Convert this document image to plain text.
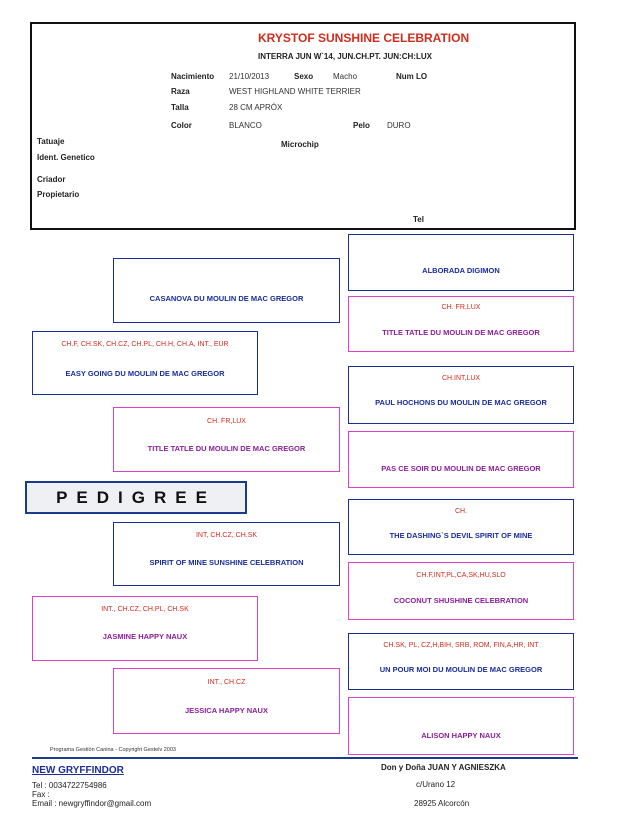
KRYSTOF SUNSHINE CELEBRATION
INTERRA JUN W`14, JUN.CH.PT. JUN:CH:LUX
Nacimiento 21/10/2013	Sexo Macho	Num LO
Raza	WEST HIGHLAND WHITE TERRIER
Talla	28 CM APRÓX
Color	BLANCO	Pelo DURO
Tatuaje	Microchip
Ident. Genetico
Criador
Propietario
Tel
CASANOVA DU MOULIN DE MAC GREGOR
INT, CH.CZ, CH.SK
SPIRIT OF MINE SUNSHINE CELEBRATION
CH.F, CH.SK, CH.CZ, CH.PL, CH.H, CH.A, INT., EUR
EASY GOING DU MOULIN DE MAC GREGOR
CH. FR,LUX
TITLE TATLE DU MOULIN DE MAC GREGOR
INT., CH.CZ, CH.PL, CH.SK
JASMINE HAPPY NAUX
INT., CH.CZ
JESSICA HAPPY NAUX
PEDIGREE
ALBORADA DIGIMON
CH. FR,LUX
TITLE TATLE DU MOULIN DE MAC GREGOR
CH.INT,LUX
PAUL HOCHONS DU MOULIN DE MAC GREGOR
PAS CE SOIR DU MOULIN DE MAC GREGOR
CH.
THE DASHING`S DEVIL SPIRIT OF MINE
CH.F,INT,PL,CA,SK,HU,SLO
COCONUT SHUSHINE CELEBRATION
CH.SK, PL, CZ,H,BIH, SRB, ROM, FIN,A,HR, INT
UN POUR MOI DU MOULIN DE MAC GREGOR
ALISON HAPPY NAUX
Programa Gestión Canina - Copyright Gestelv 2003
NEW GRYFFINDOR
Tel : 0034722754986
Fax :
Email : newgryffindor@gmail.com
Don y Doña JUAN Y AGNIESZKA
c/Urano 12
28925 Alcorcón
